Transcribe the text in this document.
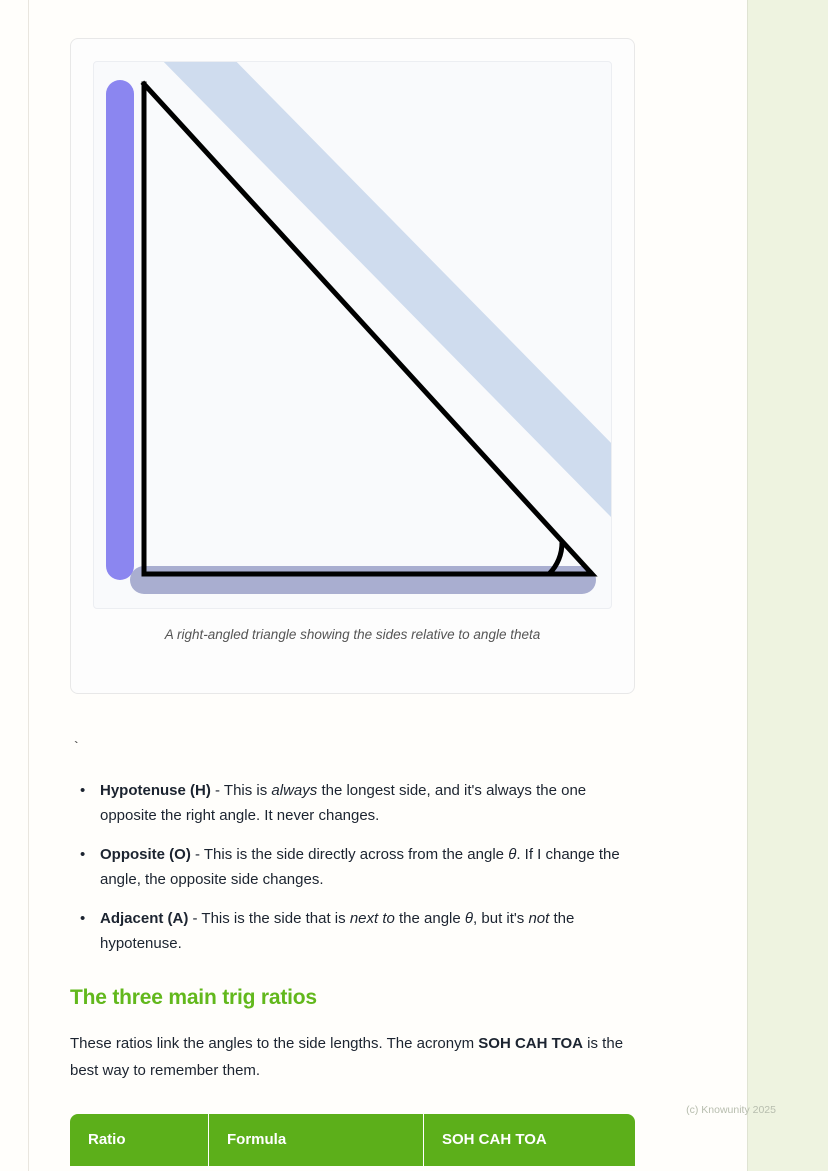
A right-angled triangle showing the sides relative to angle theta
`
• Hypotenuse (H) - This is always the longest side, and it's always the one opposite the right angle. It never changes.
• Opposite (O) - This is the side directly across from the angle θ. If I change the angle, the opposite side changes.
• Adjacent (A) - This is the side that is next to the angle θ, but it's not the hypotenuse.
The three main trig ratios

These ratios link the angles to the side lengths. The acronym SOH CAH TOA is the best way to remember them.

Ratio	Formula	SOH CAH TOA
(c) Knowunity 2025
